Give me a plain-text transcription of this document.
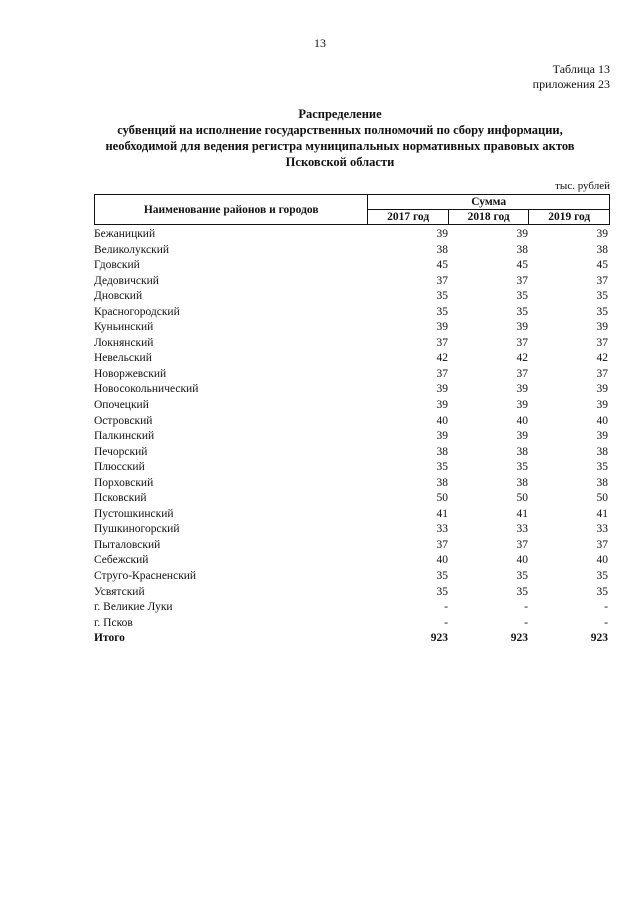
13
Таблица 13
приложения 23
Распределение
субвенций на исполнение государственных полномочий по сбору информации,
необходимой для ведения регистра муниципальных нормативных правовых актов
Псковской области
тыс. рублей
Наименование районов и городов	Сумма		
	2017 год	2018 год	2019 год
Бежаницкий	39	39	39
Великолукский	38	38	38
Гдовский	45	45	45
Дедовичский	37	37	37
Дновский	35	35	35
Красногородский	35	35	35
Куньинский	39	39	39
Локнянский	37	37	37
Невельский	42	42	42
Новоржевский	37	37	37
Новосокольнический	39	39	39
Опочецкий	39	39	39
Островский	40	40	40
Палкинский	39	39	39
Печорский	38	38	38
Плюсский	35	35	35
Порховский	38	38	38
Псковский	50	50	50
Пустошкинский	41	41	41
Пушкиногорский	33	33	33
Пыталовский	37	37	37
Себежский	40	40	40
Струго-Красненский	35	35	35
Усвятский	35	35	35
г. Великие Луки	-	-	-
г. Псков	-	-	-
Итого	923	923	923
